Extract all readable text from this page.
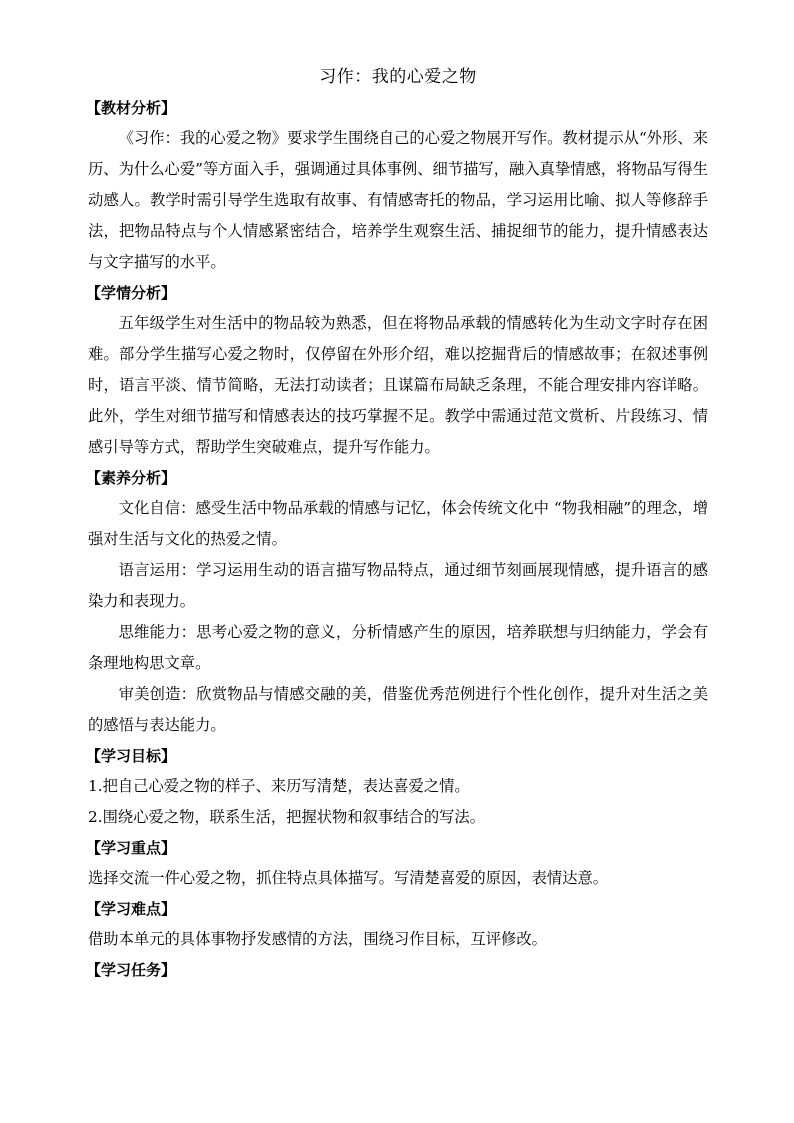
习作：我的心爱之物
【教材分析】

《习作：我的心爱之物》要求学生围绕自己的心爱之物展开写作。教材提示从“外形、来历、为什么心爱”等方面入手，强调通过具体事例、细节描写，融入真挚情感，将物品写得生动感人。教学时需引导学生选取有故事、有情感寄托的物品，学习运用比喻、拟人等修辞手法，把物品特点与个人情感紧密结合，培养学生观察生活、捕捉细节的能力，提升情感表达与文字描写的水平。

【学情分析】

五年级学生对生活中的物品较为熟悉，但在将物品承载的情感转化为生动文字时存在困难。部分学生描写心爱之物时，仅停留在外形介绍，难以挖掘背后的情感故事；在叙述事例时，语言平淡、情节简略，无法打动读者；且谋篇布局缺乏条理，不能合理安排内容详略。此外，学生对细节描写和情感表达的技巧掌握不足。教学中需通过范文赏析、片段练习、情感引导等方式，帮助学生突破难点，提升写作能力。

【素养分析】

文化自信：感受生活中物品承载的情感与记忆，体会传统文化中 “物我相融”的理念，增强对生活与文化的热爱之情。

语言运用：学习运用生动的语言描写物品特点，通过细节刻画展现情感，提升语言的感染力和表现力。

思维能力：思考心爱之物的意义，分析情感产生的原因，培养联想与归纳能力，学会有条理地构思文章。

审美创造：欣赏物品与情感交融的美，借鉴优秀范例进行个性化创作，提升对生活之美的感悟与表达能力。

【学习目标】

1.把自己心爱之物的样子、来历写清楚，表达喜爱之情。

2.围绕心爱之物，联系生活，把握状物和叙事结合的写法。

【学习重点】

选择交流一件心爱之物，抓住特点具体描写。写清楚喜爱的原因，表情达意。

【学习难点】

借助本单元的具体事物抒发感情的方法，围绕习作目标，互评修改。

【学习任务】
